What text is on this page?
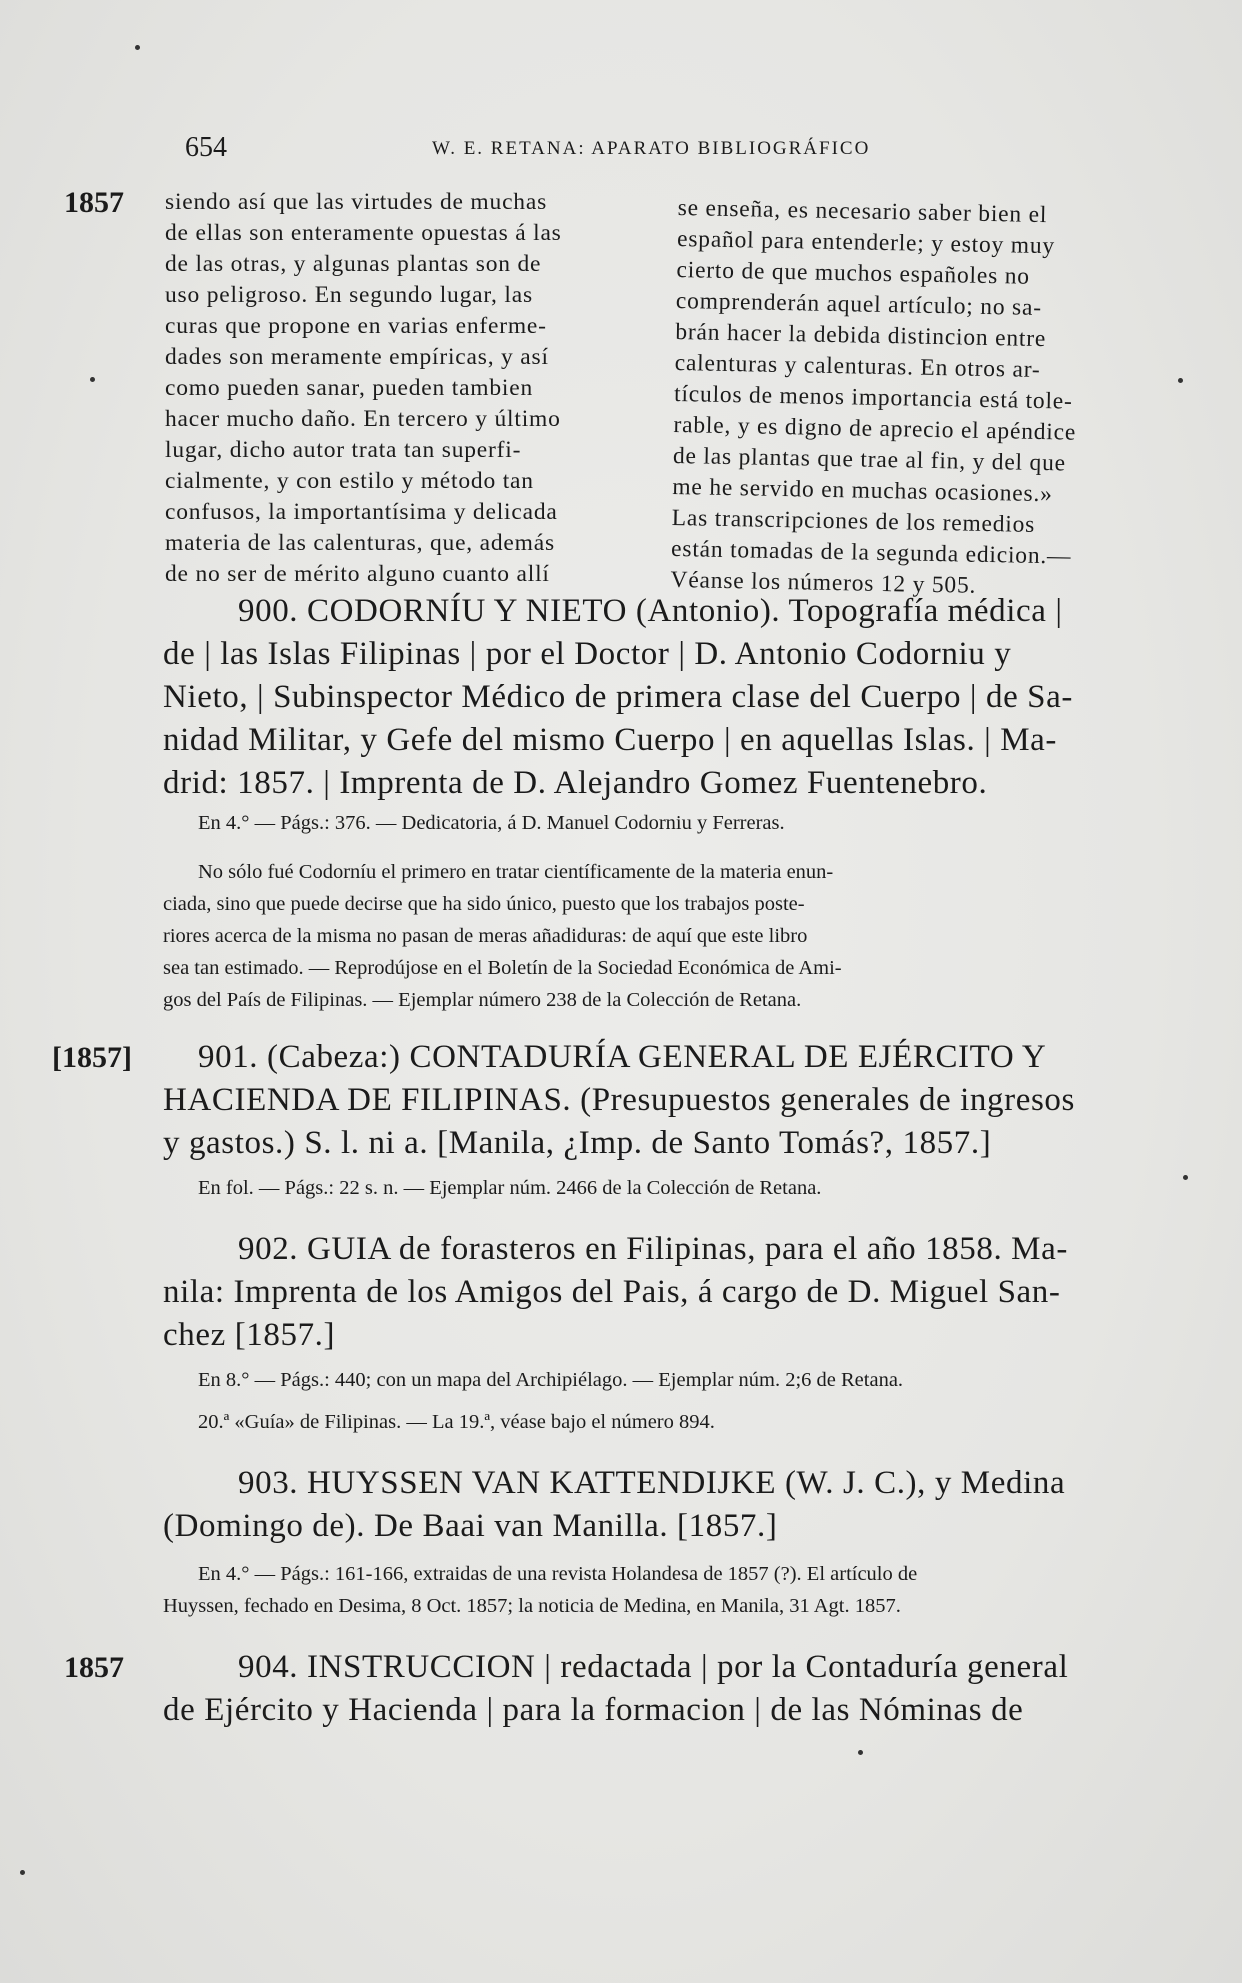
654	W. E. RETANA: APARATO BIBLIOGRÁFICO
1857 siendo así que las virtudes de muchas
de ellas son enteramente opuestas á las
de las otras, y algunas plantas son de
uso peligroso. En segundo lugar, las
curas que propone en varias enferme-
dades son meramente empíricas, y así
como pueden sanar, pueden tambien
hacer mucho daño. En tercero y último
lugar, dicho autor trata tan superfi-
cialmente, y con estilo y método tan
confusos, la importantísima y delicada
materia de las calenturas, que, además
de no ser de mérito alguno cuanto allí
se enseña, es necesario saber bien el
español para entenderle; y estoy muy
cierto de que muchos españoles no
comprenderán aquel artículo; no sa-
brán hacer la debida distincion entre
calenturas y calenturas. En otros ar-
tículos de menos importancia está tole-
rable, y es digno de aprecio el apéndice
de las plantas que trae al fin, y del que
me he servido en muchas ocasiones.»
Las transcripciones de los remedios
están tomadas de la segunda edicion.—
Véanse los números 12 y 505.
900. CODORNÍU Y NIETO (Antonio). Topografía médica |
de | las Islas Filipinas | por el Doctor | D. Antonio Codorniu y
Nieto, | Subinspector Médico de primera clase del Cuerpo | de Sa-
nidad Militar, y Gefe del mismo Cuerpo | en aquellas Islas. | Ma-
drid: 1857. | Imprenta de D. Alejandro Gomez Fuentenebro.
En 4.° — Págs.: 376. — Dedicatoria, á D. Manuel Codorniu y Ferreras.
No sólo fué Codorníu el primero en tratar científicamente de la materia enun-
ciada, sino que puede decirse que ha sido único, puesto que los trabajos poste-
riores acerca de la misma no pasan de meras añadiduras: de aquí que este libro
sea tan estimado. — Reprodújose en el Boletín de la Sociedad Económica de Ami-
gos del País de Filipinas. — Ejemplar número 238 de la Colección de Retana.
[1857] 901. (Cabeza:) CONTADURÍA GENERAL DE EJÉRCITO Y
HACIENDA DE FILIPINAS. (Presupuestos generales de ingresos
y gastos.) S. l. ni a. [Manila, ¿Imp. de Santo Tomás?, 1857.]
En fol. — Págs.: 22 s. n. — Ejemplar núm. 2466 de la Colección de Retana.
902. GUIA de forasteros en Filipinas, para el año 1858. Ma-
nila: Imprenta de los Amigos del Pais, á cargo de D. Miguel San-
chez [1857.]
En 8.° — Págs.: 440; con un mapa del Archipiélago. — Ejemplar núm. 2;6 de Retana.
20.ª «Guía» de Filipinas. — La 19.ª, véase bajo el número 894.
903. HUYSSEN VAN KATTENDIJKE (W. J. C.), y Medina
(Domingo de). De Baai van Manilla. [1857.]
En 4.° — Págs.: 161-166, extraidas de una revista Holandesa de 1857 (?). El artículo de
Huyssen, fechado en Desima, 8 Oct. 1857; la noticia de Medina, en Manila, 31 Agt. 1857.
1857	904. INSTRUCCION | redactada | por la Contaduría general
de Ejército y Hacienda | para la formacion | de las Nóminas de
